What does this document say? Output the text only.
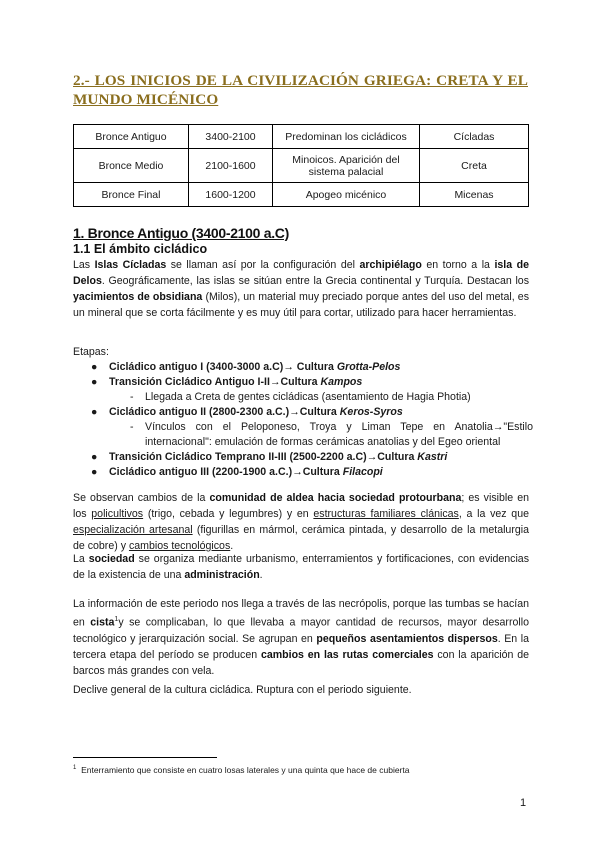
2.- LOS INICIOS DE LA CIVILIZACIÓN GRIEGA: CRETA Y EL MUNDO MICÉNICO
Bronce Antiguo	3400-2100	Predominan los cicládicos	Cícladas
Bronce Medio	2100-1600	Minoicos. Aparición del sistema palacial	Creta
Bronce Final	1600-1200	Apogeo micénico	Micenas
1. Bronce Antiguo (3400-2100 a.C)
1.1 El ámbito cicládico

Las Islas Cícladas se llaman así por la configuración del archipiélago en torno a la isla de Delos. Geográficamente, las islas se sitúan entre la Grecia continental y Turquía. Destacan los yacimientos de obsidiana (Milos), un material muy preciado porque antes del uso del metal, es un mineral que se corta fácilmente y es muy útil para cortar, utilizado para hacer herramientas.

Etapas:
●	Cicládico antiguo I (3400-3000 a.C)→ Cultura Grotta-Pelos
●	Transición Cicládico Antiguo I-II→Cultura Kampos
- Llegada a Creta de gentes cicládicas (asentamiento de Hagia Photia)
●	Cicládico antiguo II (2800-2300 a.C.)→Cultura Keros-Syros
- Vínculos con el Peloponeso, Troya y Liman Tepe en Anatolia→"Estilo internacional": emulación de formas cerámicas anatolias y del Egeo oriental
●	Transición Cicládico Temprano II-III (2500-2200 a.C)→Cultura Kastri
●	Cicládico antiguo III (2200-1900 a.C.)→Cultura Filacopi

Se observan cambios de la comunidad de aldea hacia sociedad protourbana; es visible en los policultivos (trigo, cebada y legumbres) y en estructuras familiares clánicas, a la vez que especialización artesanal (figurillas en mármol, cerámica pintada, y desarrollo de la metalurgia de cobre) y cambios tecnológicos.

La sociedad se organiza mediante urbanismo, enterramientos y fortificaciones, con evidencias de la existencia de una administración.

La información de este periodo nos llega a través de las necrópolis, porque las tumbas se hacían en cista$^1$y se complicaban, lo que llevaba a mayor cantidad de recursos, mayor desarrollo tecnológico y jerarquización social. Se agrupan en pequeños asentamientos dispersos. En la tercera etapa del período se producen cambios en las rutas comerciales con la aparición de barcos más grandes con vela.

Declive general de la cultura cicládica. Ruptura con el periodo siguiente.

$^1$ Enterramiento que consiste en cuatro losas laterales y una quinta que hace de cubierta
1
